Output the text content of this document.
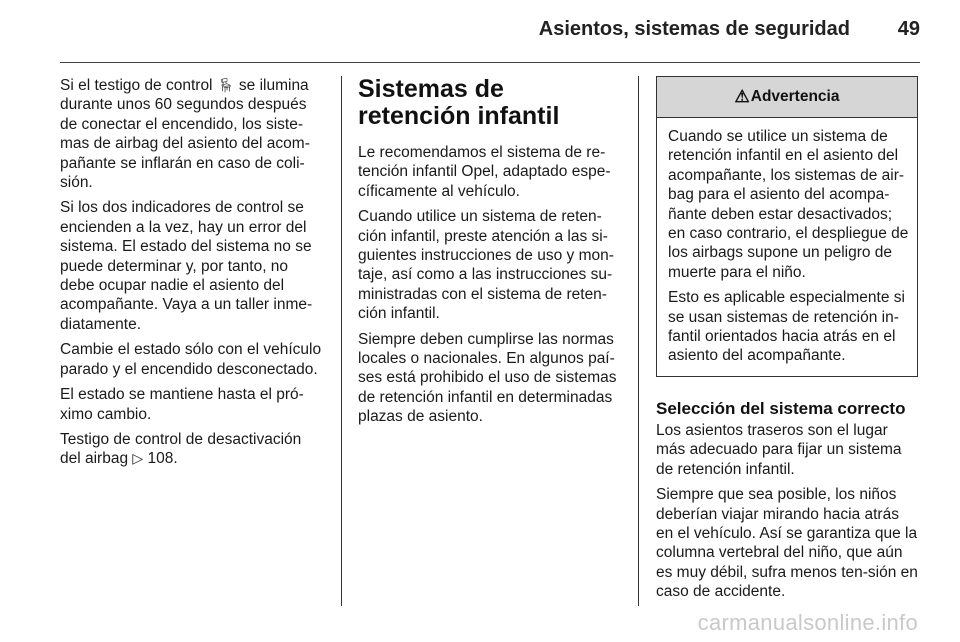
Asientos, sistemas de seguridad 49

Si el testigo de control 🪑︎ se ilumina durante unos 60 segundos después de conectar el encendido, los siste-mas de airbag del asiento del acom-pañante se inflarán en caso de coli-sión.

Si los dos indicadores de control se encienden a la vez, hay un error del sistema. El estado del sistema no se puede determinar y, por tanto, no debe ocupar nadie el asiento del acompañante. Vaya a un taller inme-diatamente.

Cambie el estado sólo con el vehículo parado y el encendido desconectado.

El estado se mantiene hasta el pró-ximo cambio.

Testigo de control de desactivación del airbag ▷ 108.

Sistemas de retención infantil

Le recomendamos el sistema de re-tención infantil Opel, adaptado espe-cíficamente al vehículo.

Cuando utilice un sistema de reten-ción infantil, preste atención a las si-guientes instrucciones de uso y mon-taje, así como a las instrucciones su-ministradas con el sistema de reten-ción infantil.

Siempre deben cumplirse las normas locales o nacionales. En algunos paí-ses está prohibido el uso de sistemas de retención infantil en determinadas plazas de asiento.

⚠︎ Advertencia

Cuando se utilice un sistema de retención infantil en el asiento del acompañante, los sistemas de air-bag para el asiento del acompa-ñante deben estar desactivados; en caso contrario, el despliegue de los airbags supone un peligro de muerte para el niño.

Esto es aplicable especialmente si se usan sistemas de retención in-fantil orientados hacia atrás en el asiento del acompañante.

Selección del sistema correcto

Los asientos traseros son el lugar más adecuado para fijar un sistema de retención infantil.

Siempre que sea posible, los niños deberían viajar mirando hacia atrás en el vehículo. Así se garantiza que la columna vertebral del niño, que aún es muy débil, sufra menos ten-sión en caso de accidente.

carmanualsonline.info
